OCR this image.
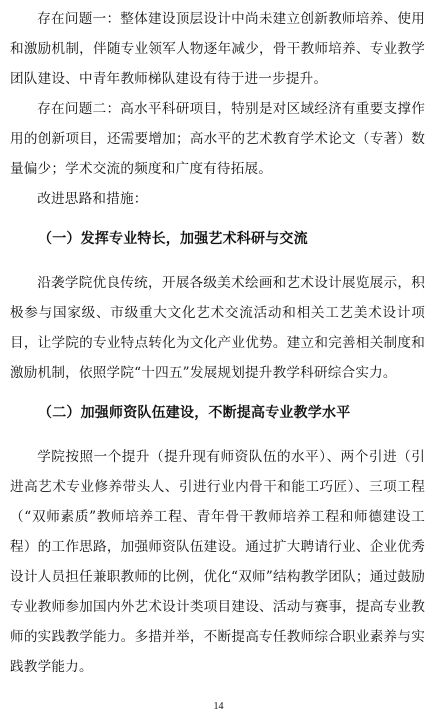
存在问题一：整体建设顶层设计中尚未建立创新教师培养、使用和激励机制，伴随专业领军人物逐年减少，骨干教师培养、专业教学团队建设、中青年教师梯队建设有待于进一步提升。

存在问题二：高水平科研项目，特别是对区域经济有重要支撑作用的创新项目，还需要增加；高水平的艺术教育学术论文（专著）数量偏少；学术交流的频度和广度有待拓展。

改进思路和措施：

（一）发挥专业特长，加强艺术科研与交流

沿袭学院优良传统，开展各级美术绘画和艺术设计展览展示，积极参与国家级、市级重大文化艺术交流活动和相关工艺美术设计项目，让学院的专业特点转化为文化产业优势。建立和完善相关制度和激励机制，依照学院“十四五”发展规划提升教学科研综合实力。

（二）加强师资队伍建设，不断提高专业教学水平

学院按照一个提升（提升现有师资队伍的水平）、两个引进（引进高艺术专业修养带头人、引进行业内骨干和能工巧匠）、三项工程（“双师素质”教师培养工程、青年骨干教师培养工程和师德建设工程）的工作思路，加强师资队伍建设。通过扩大聘请行业、企业优秀设计人员担任兼职教师的比例，优化“双师”结构教学团队；通过鼓励专业教师参加国内外艺术设计类项目建设、活动与赛事，提高专业教师的实践教学能力。多措并举，不断提高专任教师综合职业素养与实践教学能力。

14
